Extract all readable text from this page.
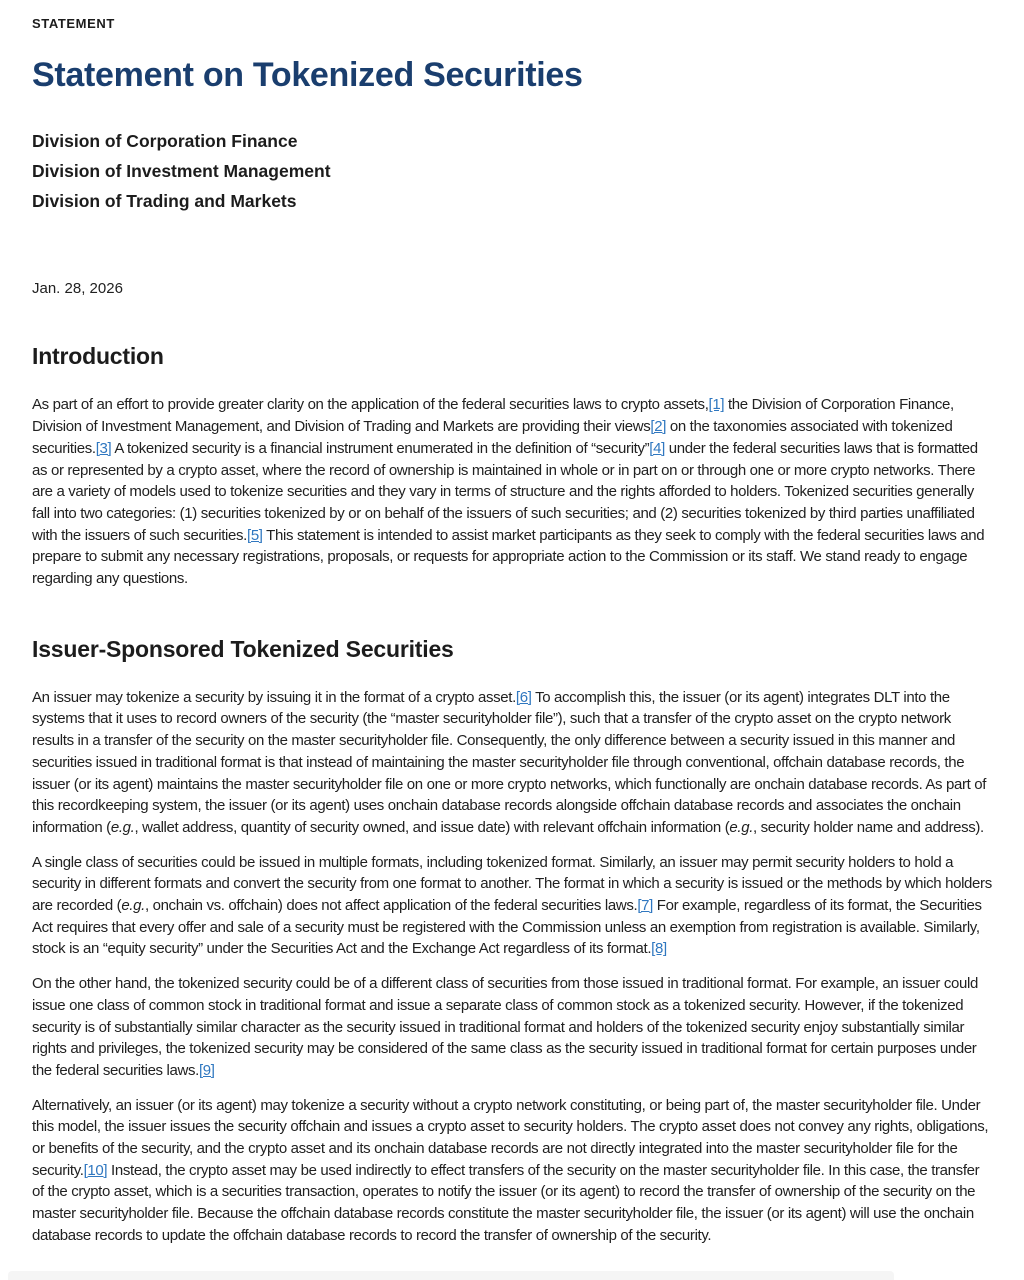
STATEMENT
Statement on Tokenized Securities
Division of Corporation Finance
Division of Investment Management
Division of Trading and Markets
Jan. 28, 2026
Introduction

As part of an effort to provide greater clarity on the application of the federal securities laws to crypto assets,[1] the Division of Corporation Finance, Division of Investment Management, and Division of Trading and Markets are providing their views[2] on the taxonomies associated with tokenized securities.[3] A tokenized security is a financial instrument enumerated in the definition of “security”[4] under the federal securities laws that is formatted as or represented by a crypto asset, where the record of ownership is maintained in whole or in part on or through one or more crypto networks. There are a variety of models used to tokenize securities and they vary in terms of structure and the rights afforded to holders. Tokenized securities generally fall into two categories: (1) securities tokenized by or on behalf of the issuers of such securities; and (2) securities tokenized by third parties unaffiliated with the issuers of such securities.[5] This statement is intended to assist market participants as they seek to comply with the federal securities laws and prepare to submit any necessary registrations, proposals, or requests for appropriate action to the Commission or its staff. We stand ready to engage regarding any questions.

Issuer-Sponsored Tokenized Securities

An issuer may tokenize a security by issuing it in the format of a crypto asset.[6] To accomplish this, the issuer (or its agent) integrates DLT into the systems that it uses to record owners of the security (the “master securityholder file”), such that a transfer of the crypto asset on the crypto network results in a transfer of the security on the master securityholder file. Consequently, the only difference between a security issued in this manner and securities issued in traditional format is that instead of maintaining the master securityholder file through conventional, offchain database records, the issuer (or its agent) maintains the master securityholder file on one or more crypto networks, which functionally are onchain database records. As part of this recordkeeping system, the issuer (or its agent) uses onchain database records alongside offchain database records and associates the onchain information (e.g., wallet address, quantity of security owned, and issue date) with relevant offchain information (e.g., security holder name and address).

A single class of securities could be issued in multiple formats, including tokenized format. Similarly, an issuer may permit security holders to hold a security in different formats and convert the security from one format to another. The format in which a security is issued or the methods by which holders are recorded (e.g., onchain vs. offchain) does not affect application of the federal securities laws.[7] For example, regardless of its format, the Securities Act requires that every offer and sale of a security must be registered with the Commission unless an exemption from registration is available. Similarly, stock is an “equity security” under the Securities Act and the Exchange Act regardless of its format.[8]

On the other hand, the tokenized security could be of a different class of securities from those issued in traditional format. For example, an issuer could issue one class of common stock in traditional format and issue a separate class of common stock as a tokenized security. However, if the tokenized security is of substantially similar character as the security issued in traditional format and holders of the tokenized security enjoy substantially similar rights and privileges, the tokenized security may be considered of the same class as the security issued in traditional format for certain purposes under the federal securities laws.[9]

Alternatively, an issuer (or its agent) may tokenize a security without a crypto network constituting, or being part of, the master securityholder file. Under this model, the issuer issues the security offchain and issues a crypto asset to security holders. The crypto asset does not convey any rights, obligations, or benefits of the security, and the crypto asset and its onchain database records are not directly integrated into the master securityholder file for the security.[10] Instead, the crypto asset may be used indirectly to effect transfers of the security on the master securityholder file. In this case, the transfer of the crypto asset, which is a securities transaction, operates to notify the issuer (or its agent) to record the transfer of ownership of the security on the master securityholder file. Because the offchain database records constitute the master securityholder file, the issuer (or its agent) will use the onchain database records to update the offchain database records to record the transfer of ownership of the security.
